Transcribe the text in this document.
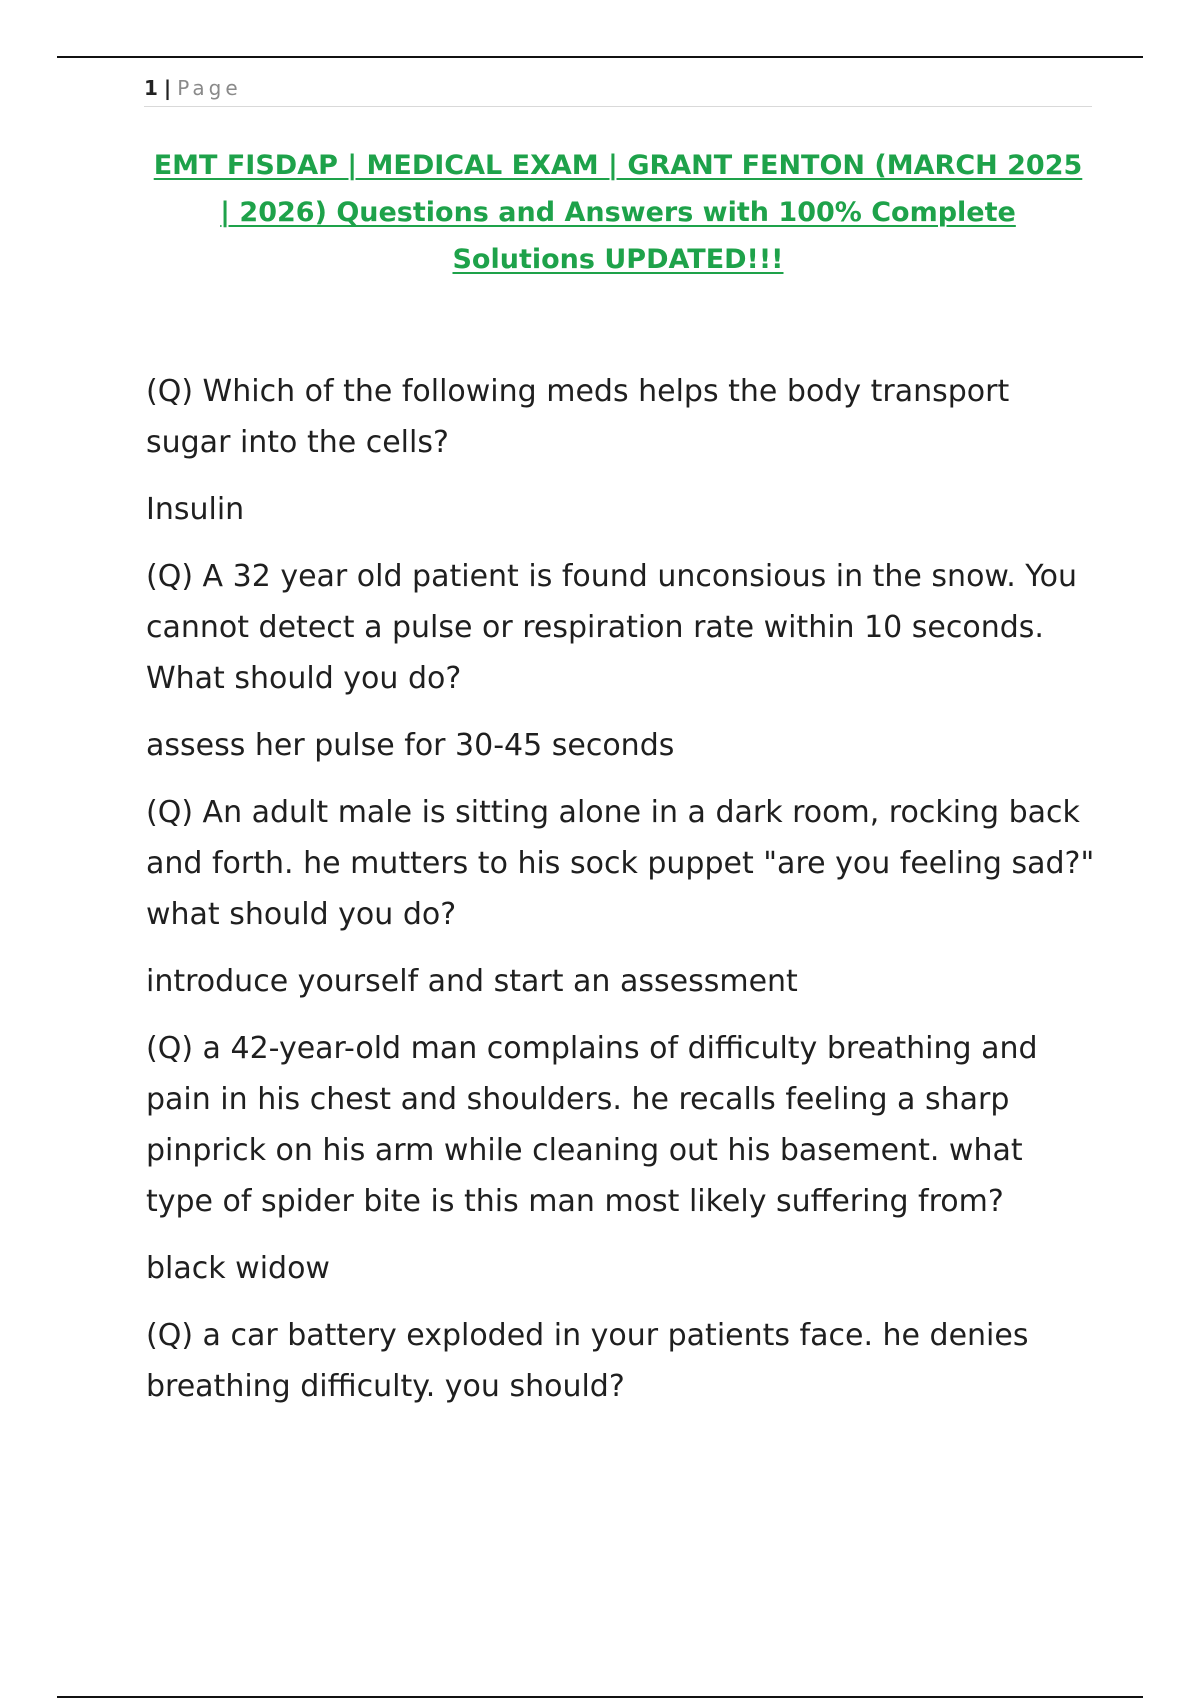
1 | Page
EMT FISDAP | MEDICAL EXAM | GRANT FENTON (MARCH 2025 | 2026) Questions and Answers with 100% Complete Solutions UPDATED!!!

(Q) Which of the following meds helps the body transport sugar into the cells?

Insulin

(Q) A 32 year old patient is found unconsious in the snow. You cannot detect a pulse or respiration rate within 10 seconds. What should you do?

assess her pulse for 30-45 seconds

(Q) An adult male is sitting alone in a dark room, rocking back and forth. he mutters to his sock puppet "are you feeling sad?" what should you do?

introduce yourself and start an assessment

(Q) a 42-year-old man complains of difficulty breathing and pain in his chest and shoulders. he recalls feeling a sharp pinprick on his arm while cleaning out his basement. what type of spider bite is this man most likely suffering from?

black widow

(Q) a car battery exploded in your patients face. he denies breathing difficulty. you should?
